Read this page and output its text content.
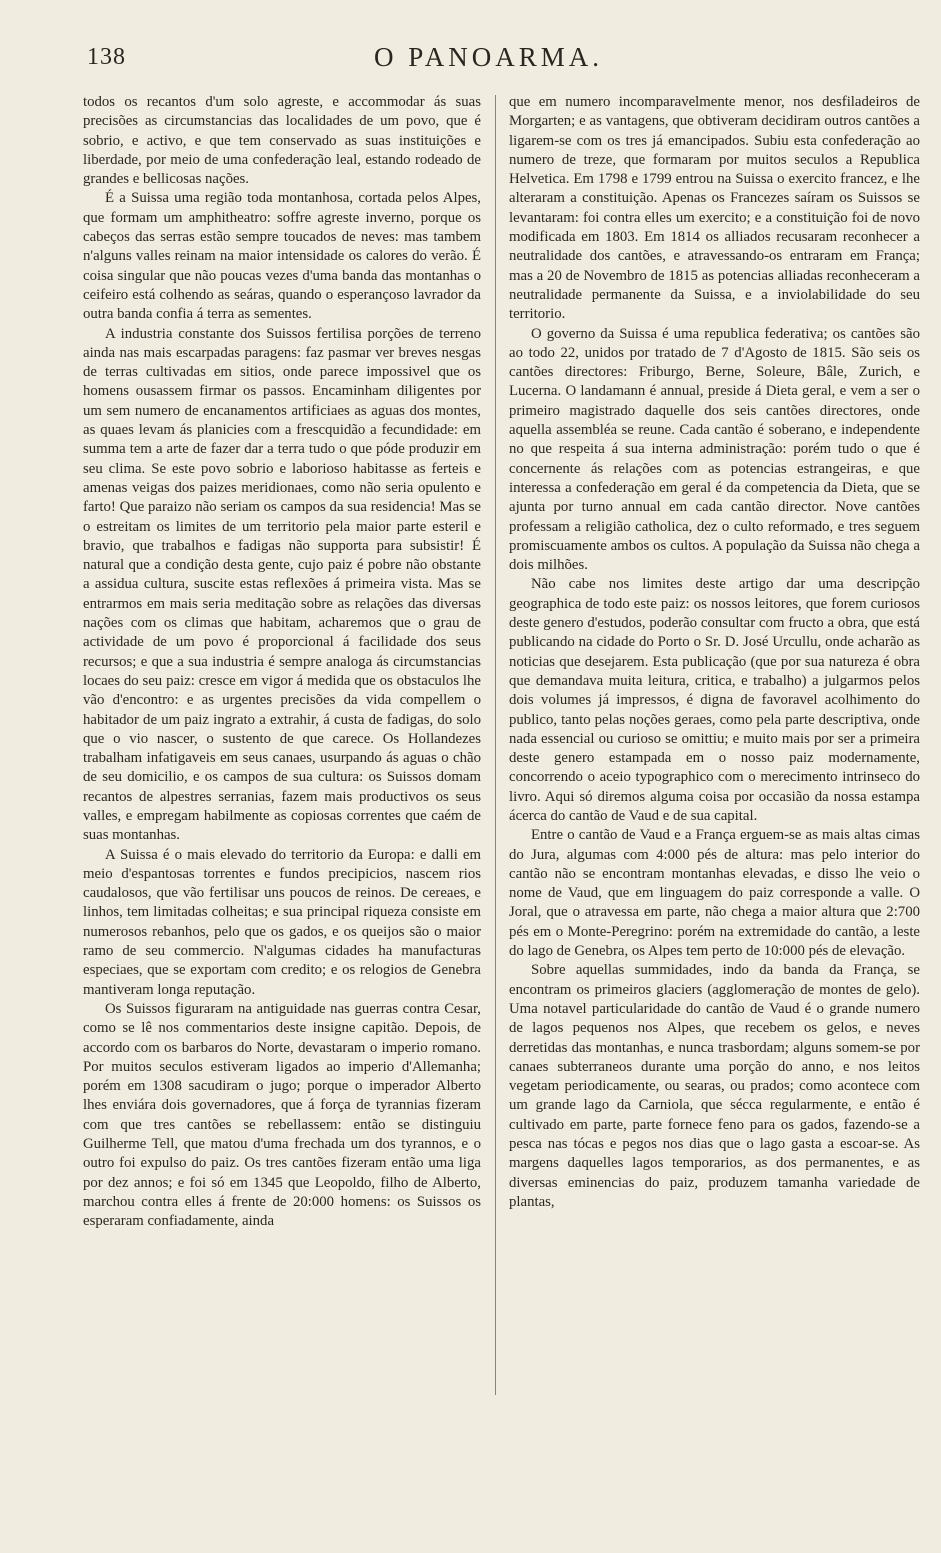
138	O PANOARMA.

todos os recantos d'um solo agreste, e accommodar ás suas precisões as circumstancias das localidades de um povo, que é sobrio, e activo, e que tem conservado as suas instituições e liberdade, por meio de uma confederação leal, estando rodeado de grandes e bellicosas nações.

É a Suissa uma região toda montanhosa, cortada pelos Alpes, que formam um amphitheatro: soffre agreste inverno, porque os cabeços das serras estão sempre toucados de neves: mas tambem n'alguns valles reinam na maior intensidade os calores do verão. É coisa singular que não poucas vezes d'uma banda das montanhas o ceifeiro está colhendo as seáras, quando o esperançoso lavrador da outra banda confia á terra as sementes.

A industria constante dos Suissos fertilisa porções de terreno ainda nas mais escarpadas paragens: faz pasmar ver breves nesgas de terras cultivadas em sitios, onde parece impossivel que os homens ousassem firmar os passos. Encaminham diligentes por um sem numero de encanamentos artificiaes as aguas dos montes, as quaes levam ás planicies com a frescquidão a fecundidade: em summa tem a arte de fazer dar a terra tudo o que póde produzir em seu clima. Se este povo sobrio e laborioso habitasse as ferteis e amenas veigas dos paizes meridionaes, como não seria opulento e farto! Que paraizo não seriam os campos da sua residencia! Mas se o estreitam os limites de um territorio pela maior parte esteril e bravio, que trabalhos e fadigas não supporta para subsistir! É natural que a condição desta gente, cujo paiz é pobre não obstante a assidua cultura, suscite estas reflexões á primeira vista. Mas se entrarmos em mais seria meditação sobre as relações das diversas nações com os climas que habitam, acharemos que o grau de actividade de um povo é proporcional á facilidade dos seus recursos; e que a sua industria é sempre analoga ás circumstancias locaes do seu paiz: cresce em vigor á medida que os obstaculos lhe vão d'encontro: e as urgentes precisões da vida compellem o habitador de um paiz ingrato a extrahir, á custa de fadigas, do solo que o vio nascer, o sustento de que carece. Os Hollandezes trabalham infatigaveis em seus canaes, usurpando ás aguas o chão de seu domicilio, e os campos de sua cultura: os Suissos domam recantos de alpestres serranias, fazem mais productivos os seus valles, e empregam habilmente as copiosas correntes que caém de suas montanhas.

A Suissa é o mais elevado do territorio da Europa: e dalli em meio d'espantosas torrentes e fundos precipicios, nascem rios caudalosos, que vão fertilisar uns poucos de reinos. De cereaes, e linhos, tem limitadas colheitas; e sua principal riqueza consiste em numerosos rebanhos, pelo que os gados, e os queijos são o maior ramo de seu commercio. N'algumas cidades ha manufacturas especiaes, que se exportam com credito; e os relogios de Genebra mantiveram longa reputação.

Os Suissos figuraram na antiguidade nas guerras contra Cesar, como se lê nos commentarios deste insigne capitão. Depois, de accordo com os barbaros do Norte, devastaram o imperio romano. Por muitos seculos estiveram ligados ao imperio d'Allemanha; porém em 1308 sacudiram o jugo; porque o imperador Alberto lhes enviára dois governadores, que á força de tyrannias fizeram com que tres cantões se rebellassem: então se distinguiu Guilherme Tell, que matou d'uma frechada um dos tyrannos, e o outro foi expulso do paiz. Os tres cantões fizeram então uma liga por dez annos; e foi só em 1345 que Leopoldo, filho de Alberto, marchou contra elles á frente de 20:000 homens: os Suissos os esperaram confiadamente, ainda

que em numero incomparavelmente menor, nos desfiladeiros de Morgarten; e as vantagens, que obtiveram decidiram outros cantões a ligarem-se com os tres já emancipados. Subiu esta confederação ao numero de treze, que formaram por muitos seculos a Republica Helvetica. Em 1798 e 1799 entrou na Suissa o exercito francez, e lhe alteraram a constituição. Apenas os Francezes saíram os Suissos se levantaram: foi contra elles um exercito; e a constituição foi de novo modificada em 1803. Em 1814 os alliados recusaram reconhecer a neutralidade dos cantões, e atravessando-os entraram em França; mas a 20 de Novembro de 1815 as potencias alliadas reconheceram a neutralidade permanente da Suissa, e a inviolabilidade do seu territorio.

O governo da Suissa é uma republica federativa; os cantões são ao todo 22, unidos por tratado de 7 d'Agosto de 1815. São seis os cantões directores: Friburgo, Berne, Soleure, Bâle, Zurich, e Lucerna. O landamann é annual, preside á Dieta geral, e vem a ser o primeiro magistrado daquelle dos seis cantões directores, onde aquella assembléa se reune. Cada cantão é soberano, e independente no que respeita á sua interna administração: porém tudo o que é concernente ás relações com as potencias estrangeiras, e que interessa a confederação em geral é da competencia da Dieta, que se ajunta por turno annual em cada cantão director. Nove cantões professam a religião catholica, dez o culto reformado, e tres seguem promiscuamente ambos os cultos. A população da Suissa não chega a dois milhões.

Não cabe nos limites deste artigo dar uma descripção geographica de todo este paiz: os nossos leitores, que forem curiosos deste genero d'estudos, poderão consultar com fructo a obra, que está publicando na cidade do Porto o Sr. D. José Urcullu, onde acharão as noticias que desejarem. Esta publicação (que por sua natureza é obra que demandava muita leitura, critica, e trabalho) a julgarmos pelos dois volumes já impressos, é digna de favoravel acolhimento do publico, tanto pelas noções geraes, como pela parte descriptiva, onde nada essencial ou curioso se omittiu; e muito mais por ser a primeira deste genero estampada em o nosso paiz modernamente, concorrendo o aceio typographico com o merecimento intrinseco do livro. Aqui só diremos alguma coisa por occasião da nossa estampa ácerca do cantão de Vaud e de sua capital.

Entre o cantão de Vaud e a França erguem-se as mais altas cimas do Jura, algumas com 4:000 pés de altura: mas pelo interior do cantão não se encontram montanhas elevadas, e disso lhe veio o nome de Vaud, que em linguagem do paiz corresponde a valle. O Joral, que o atravessa em parte, não chega a maior altura que 2:700 pés em o Monte-Peregrino: porém na extremidade do cantão, a leste do lago de Genebra, os Alpes tem perto de 10:000 pés de elevação.

Sobre aquellas summidades, indo da banda da França, se encontram os primeiros glaciers (agglomeração de montes de gelo). Uma notavel particularidade do cantão de Vaud é o grande numero de lagos pequenos nos Alpes, que recebem os gelos, e neves derretidas das montanhas, e nunca trasbordam; alguns somem-se por canaes subterraneos durante uma porção do anno, e nos leitos vegetam periodicamente, ou searas, ou prados; como acontece com um grande lago da Carniola, que sécca regularmente, e então é cultivado em parte, parte fornece feno para os gados, fazendo-se a pesca nas tócas e pegos nos dias que o lago gasta a escoar-se. As margens daquelles lagos temporarios, as dos permanentes, e as diversas eminencias do paiz, produzem tamanha variedade de plantas,
